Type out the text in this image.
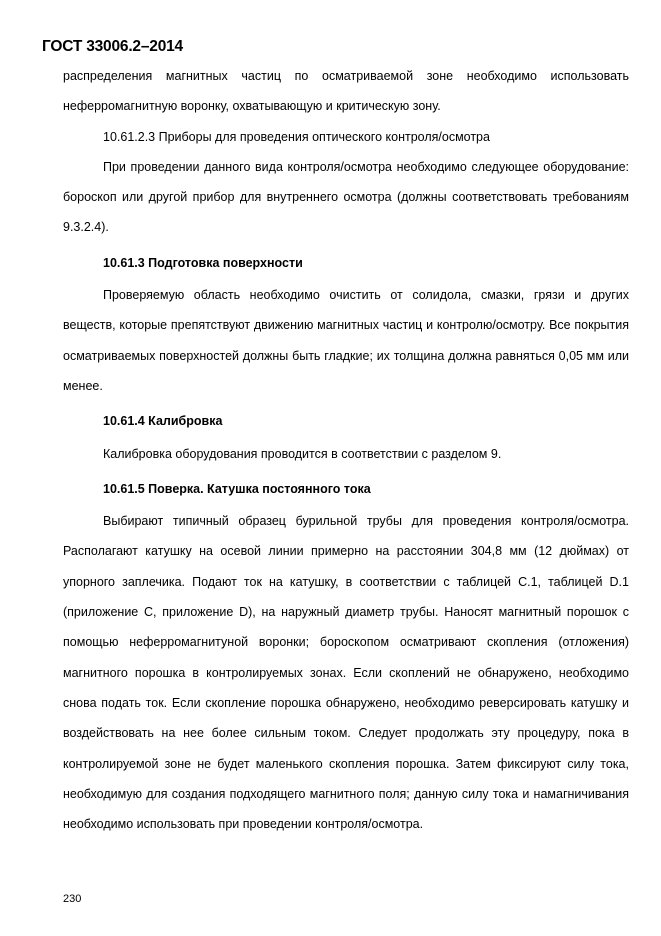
ГОСТ 33006.2–2014

распределения магнитных частиц по осматриваемой зоне необходимо использовать неферромагнитную воронку, охватывающую и критическую зону.

10.61.2.3 Приборы для проведения оптического контроля/осмотра

При проведении данного вида контроля/осмотра необходимо следующее оборудование: бороскоп или другой прибор для внутреннего осмотра (должны соответствовать требованиям 9.3.2.4).

10.61.3 Подготовка поверхности

Проверяемую область необходимо очистить от солидола, смазки, грязи и других веществ, которые препятствуют движению магнитных частиц и контролю/осмотру. Все покрытия осматриваемых поверхностей должны быть гладкие; их толщина должна равняться 0,05 мм или менее.

10.61.4 Калибровка

Калибровка оборудования проводится в соответствии с разделом 9.

10.61.5 Поверка. Катушка постоянного тока

Выбирают типичный образец бурильной трубы для проведения контроля/осмотра. Располагают катушку на осевой линии примерно на расстоянии 304,8 мм (12 дюймах) от упорного заплечика. Подают ток на катушку, в соответствии с таблицей С.1, таблицей D.1 (приложение С, приложение D), на наружный диаметр трубы. Наносят магнитный порошок с помощью неферромагнитуной воронки; бороскопом осматривают скопления (отложения) магнитного порошка в контролируемых зонах. Если скоплений не обнаружено, необходимо снова подать ток. Если скопление порошка обнаружено, необходимо реверсировать катушку и воздействовать на нее более сильным током. Следует продолжать эту процедуру, пока в контролируемой зоне не будет маленького скопления порошка. Затем фиксируют силу тока, необходимую для создания подходящего магнитного поля; данную силу тока и намагничивания необходимо использовать при проведении контроля/осмотра.

230
